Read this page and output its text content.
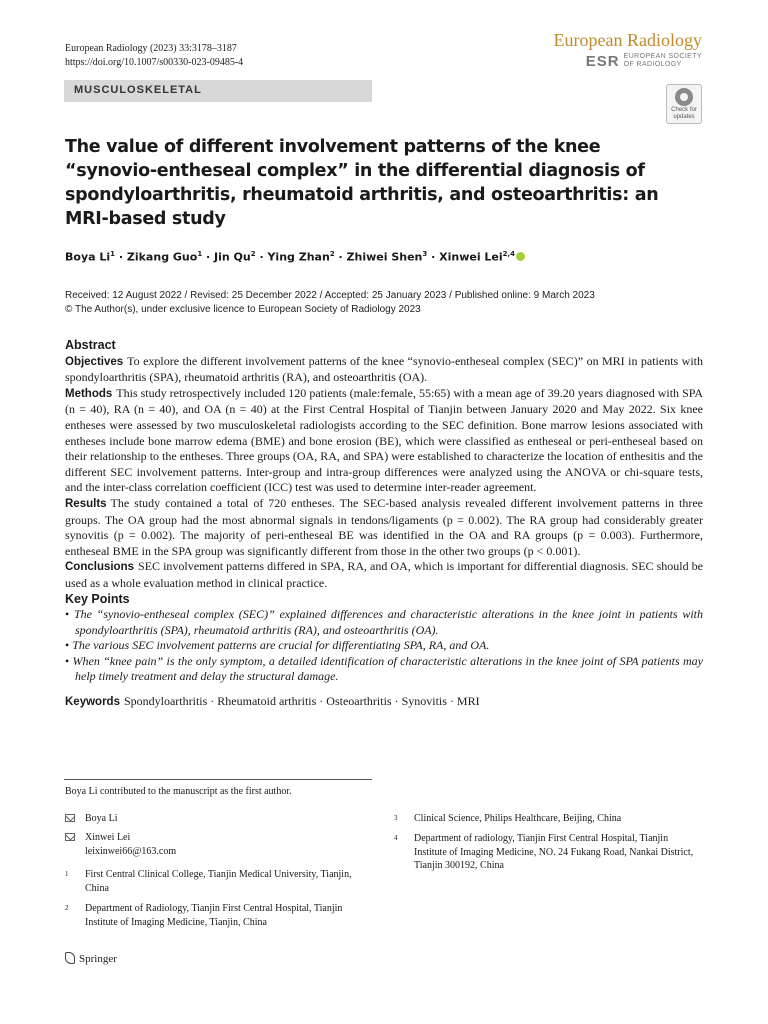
European Radiology (2023) 33:3178–3187
https://doi.org/10.1007/s00330-023-09485-4
European Radiology
ESR EUROPEAN SOCIETY
OF RADIOLOGY
MUSCULOSKELETAL
Check for
updates
The value of different involvement patterns of the knee “synovio-entheseal complex” in the differential diagnosis of spondyloarthritis, rheumatoid arthritis, and osteoarthritis: an MRI-based study
Boya $Li^1$ · Zikang Guo$^1$ · Jin $Qu^2$ · Ying Zhan$^2$ · Zhiwei Shen$^3$ · Xinwei Lei$^{2,4}$
Received: 12 August 2022 / Revised: 25 December 2022 / Accepted: 25 January 2023 / Published online: 9 March 2023
© The Author(s), under exclusive licence to European Society of Radiology 2023
Abstract

Objectives To explore the different involvement patterns of the knee “synovio-entheseal complex (SEC)” on MRI in patients with spondyloarthritis (SPA), rheumatoid arthritis (RA), and osteoarthritis (OA).

Methods This study retrospectively included 120 patients (male:female, 55:65) with a mean age of 39.20 years diagnosed with SPA (n = 40), RA (n = 40), and OA (n = 40) at the First Central Hospital of Tianjin between January 2020 and May 2022. Six knee entheses were assessed by two musculoskeletal radiologists according to the SEC definition. Bone marrow lesions associated with entheses include bone marrow edema (BME) and bone erosion (BE), which were classified as entheseal or peri-entheseal based on their relationship to the entheses. Three groups (OA, RA, and SPA) were established to characterize the location of enthesitis and the different SEC involvement patterns. Inter-group and intra-group differences were analyzed using the ANOVA or chi-square tests, and the inter-class correlation coefficient (ICC) test was used to determine inter-reader agreement.

Results The study contained a total of 720 entheses. The SEC-based analysis revealed different involvement patterns in three groups. The OA group had the most abnormal signals in tendons/ligaments (p = 0.002). The RA group had considerably greater synovitis (p = 0.002). The majority of peri-entheseal BE was identified in the OA and RA groups (p = 0.003). Furthermore, entheseal BME in the SPA group was significantly different from those in the other two groups (p < 0.001).

Conclusions SEC involvement patterns differed in SPA, RA, and OA, which is important for differential diagnosis. SEC should be used as a whole evaluation method in clinical practice.

Key Points
• The “synovio-entheseal complex (SEC)” explained differences and characteristic alterations in the knee joint in patients with spondyloarthritis (SPA), rheumatoid arthritis (RA), and osteoarthritis (OA).
• The various SEC involvement patterns are crucial for differentiating SPA, RA, and OA.
• When “knee pain” is the only symptom, a detailed identification of characteristic alterations in the knee joint of SPA patients may help timely treatment and delay the structural damage.

Keywords Spondyloarthritis · Rheumatoid arthritis · Osteoarthritis · Synovitis · MRI

Boya Li contributed to the manuscript as the first author.
Boya Li
Xinwei Lei
leixinwei66@163.com
1 First Central Clinical College, Tianjin Medical University, Tianjin, China
2 Department of Radiology, Tianjin First Central Hospital, Tianjin Institute of Imaging Medicine, Tianjin, China
3 Clinical Science, Philips Healthcare, Beijing, China
4 Department of radiology, Tianjin First Central Hospital, Tianjin Institute of Imaging Medicine, NO. 24 Fukang Road, Nankai District, Tianjin 300192, China
Springer
